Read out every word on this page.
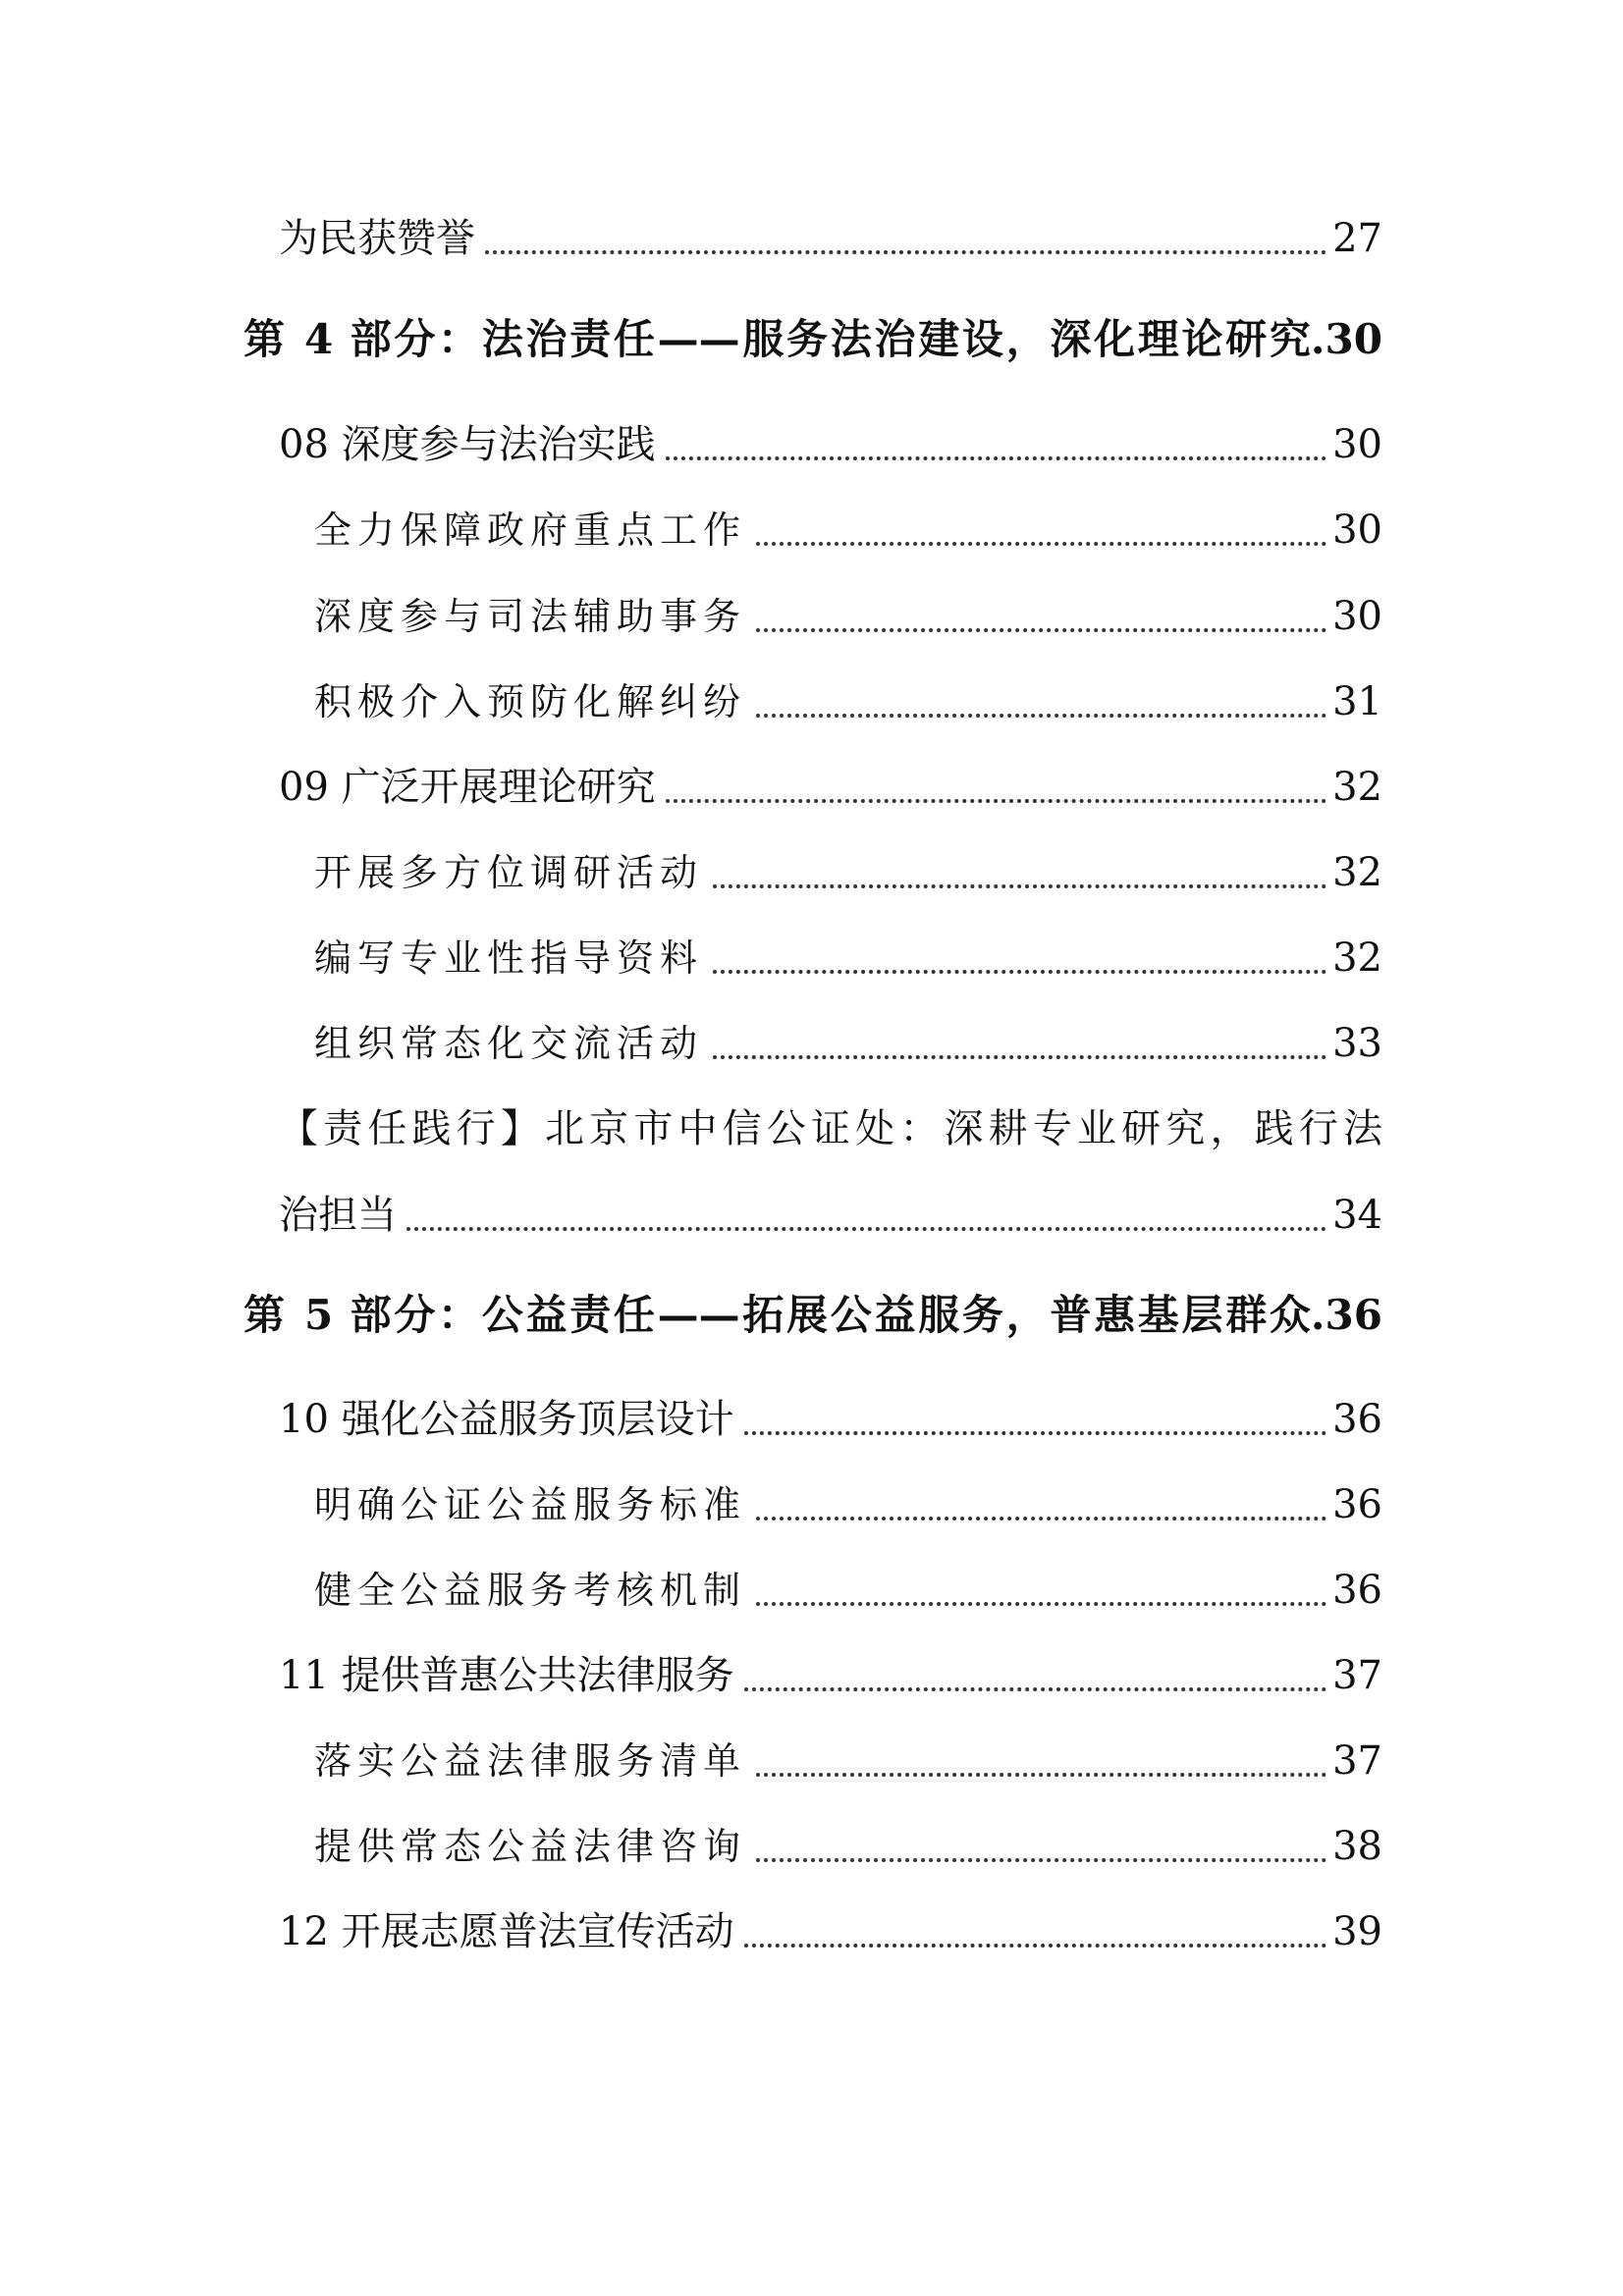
为民获赞誉	27
第 4 部分：法治责任——服务法治建设，深化理论研究 .30
08 深度参与法治实践	30
全力保障政府重点工作	30
深度参与司法辅助事务	30
积极介入预防化解纠纷	31
09 广泛开展理论研究	32
开展多方位调研活动	32
编写专业性指导资料	32
组织常态化交流活动	33
【责任践行】北京市中信公证处：深耕专业研究，践行法
治担当	34
第 5 部分：公益责任——拓展公益服务，普惠基层群众 .36
10 强化公益服务顶层设计	36
明确公证公益服务标准	36
健全公益服务考核机制	36
11 提供普惠公共法律服务	37
落实公益法律服务清单	37
提供常态公益法律咨询	38
12 开展志愿普法宣传活动	39
